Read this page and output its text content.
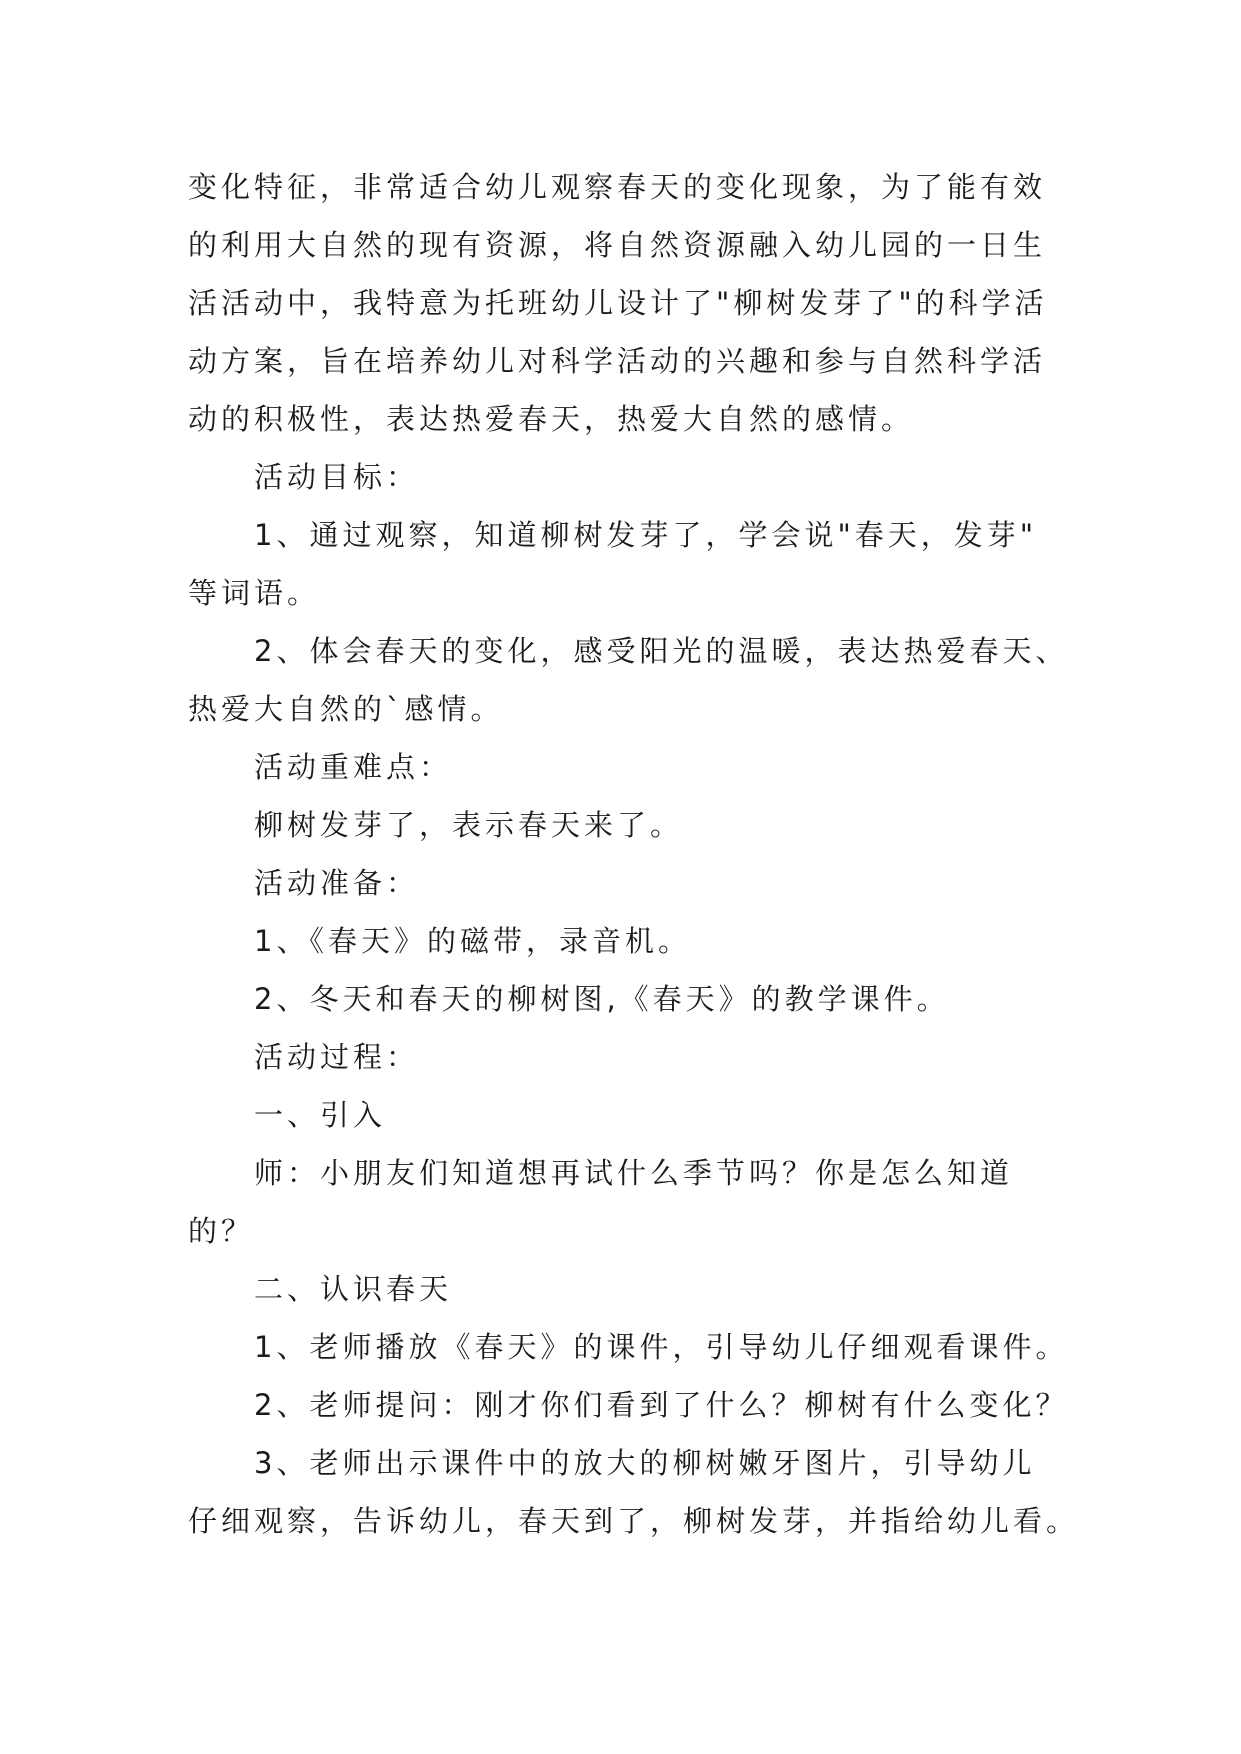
变化特征，非常适合幼儿观察春天的变化现象，为了能有效
的利用大自然的现有资源，将自然资源融入幼儿园的一日生
活活动中，我特意为托班幼儿设计了"柳树发芽了"的科学活
动方案，旨在培养幼儿对科学活动的兴趣和参与自然科学活
动的积极性，表达热爱春天，热爱大自然的感情。
活动目标：
1、通过观察，知道柳树发芽了，学会说"春天，发芽"
等词语。
2、体会春天的变化，感受阳光的温暖，表达热爱春天、
热爱大自然的`感情。
活动重难点：
柳树发芽了，表示春天来了。
活动准备：
1、《春天》的磁带，录音机。
2、冬天和春天的柳树图,《春天》的教学课件。
活动过程：
一、引入
师：小朋友们知道想再试什么季节吗？你是怎么知道
的？
二、认识春天
1、老师播放《春天》的课件，引导幼儿仔细观看课件。
2、老师提问：刚才你们看到了什么？柳树有什么变化？
3、老师出示课件中的放大的柳树嫩牙图片，引导幼儿
仔细观察，告诉幼儿，春天到了，柳树发芽，并指给幼儿看。
